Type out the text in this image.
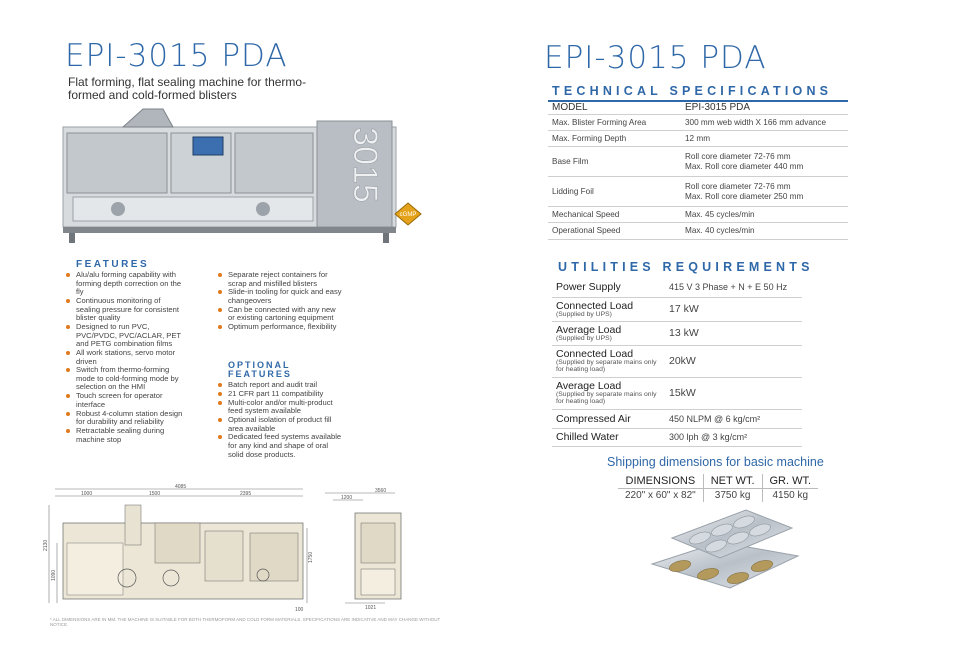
EPI-3015 PDA
Flat forming, flat sealing machine for thermo-formed and cold-formed blisters
3015
cGMP
FEATURES
Alu/alu forming capability with forming depth correction on the fly
Continuous monitoring of sealing pressure for consistent blister quality
Designed to run PVC, PVC/PVDC, PVC/ACLAR, PET and PETG combination films
All work stations, servo motor driven
Switch from thermo-forming mode to cold-forming mode by selection on the HMI
Touch screen for operator interface
Robust 4-column station design for durability and reliability
Retractable sealing during machine stop
Separate reject containers for scrap and misfilled blisters
Slide-in tooling for quick and easy changeovers
Can be connected with any new or existing cartoning equipment
Optimum performance, flexibility
OPTIONAL FEATURES
Batch report and audit trail
21 CFR part 11 compatibility
Multi-color and/or multi-product feed system available
Optional isolation of product fill area available
Dedicated feed systems available for any kind and shape of oral solid dose products.
4085
1000	1500	2395	3560
1200
2130
1750
1090
1021
100
* ALL DIMENSIONS ARE IN MM. THE MACHINE IS SUITABLE FOR BOTH THERMOFORM AND COLD FORM MATERIALS. SPECIFICATIONS ARE INDICATIVE AND MAY CHANGE WITHOUT NOTICE.
EPI-3015 PDA
TECHNICAL SPECIFICATIONS
MODEL	EPI-3015 PDA
Max. Blister Forming Area	300 mm web width X 166 mm advance
Max. Forming Depth	12 mm
Base Film	Roll core diameter 72-76 mm
Max. Roll core diameter 440 mm
Lidding Foil	Roll core diameter 72-76 mm
Max. Roll core diameter 250 mm
Mechanical Speed	Max. 45 cycles/min
Operational Speed	Max. 40 cycles/min
UTILITIES REQUIREMENTS
Power Supply	415 V 3 Phase + N + E 50 Hz
Connected Load
(Supplied by UPS)	17 kW
Average Load
(Supplied by UPS)	13 kW
Connected Load
(Supplied by separate mains only for heating load)	20kW
Average Load
(Supplied by separate mains only for heating load)	15kW
Compressed Air	450 NLPM @ 6 kg/cm²
Chilled Water	300 lph @ 3 kg/cm²
Shipping dimensions for basic machine
DIMENSIONS	NET WT.	GR. WT.
220" x 60" x 82"	3750 kg	4150 kg
